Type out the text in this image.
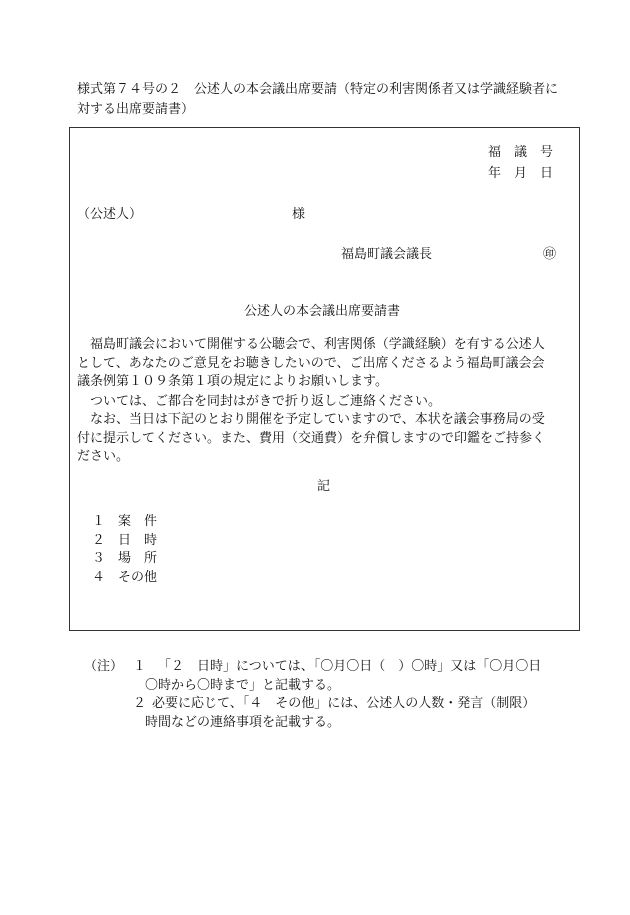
様式第７４号の２　公述人の本会議出席要請（特定の利害関係者又は学識経験者に対する出席要請書）
福　議　号
年　月　日
（公述人）	様
福島町議会議長	㊞
公述人の本会議出席要請書
　福島町議会において開催する公聴会で、利害関係（学識経験）を有する公述人として、あなたのご意見をお聴きしたいので、ご出席くださるよう福島町議会会議条例第１０９条第１項の規定によりお願いします。
　ついては、ご都合を同封はがきで折り返しご連絡ください。
　なお、当日は下記のとおり開催を予定していますので、本状を議会事務局の受付に提示してください。また、費用（交通費）を弁償しますので印鑑をご持参ください。
記
１ 案　件
２ 日　時
３ 場　所
４ その他
（注） １ 「２　日時」については、「〇月〇日（　）〇時」又は「〇月〇日
〇時から〇時まで」と記載する。
２ 必要に応じて、「４　その他」には、公述人の人数・発言（制限）
時間などの連絡事項を記載する。
